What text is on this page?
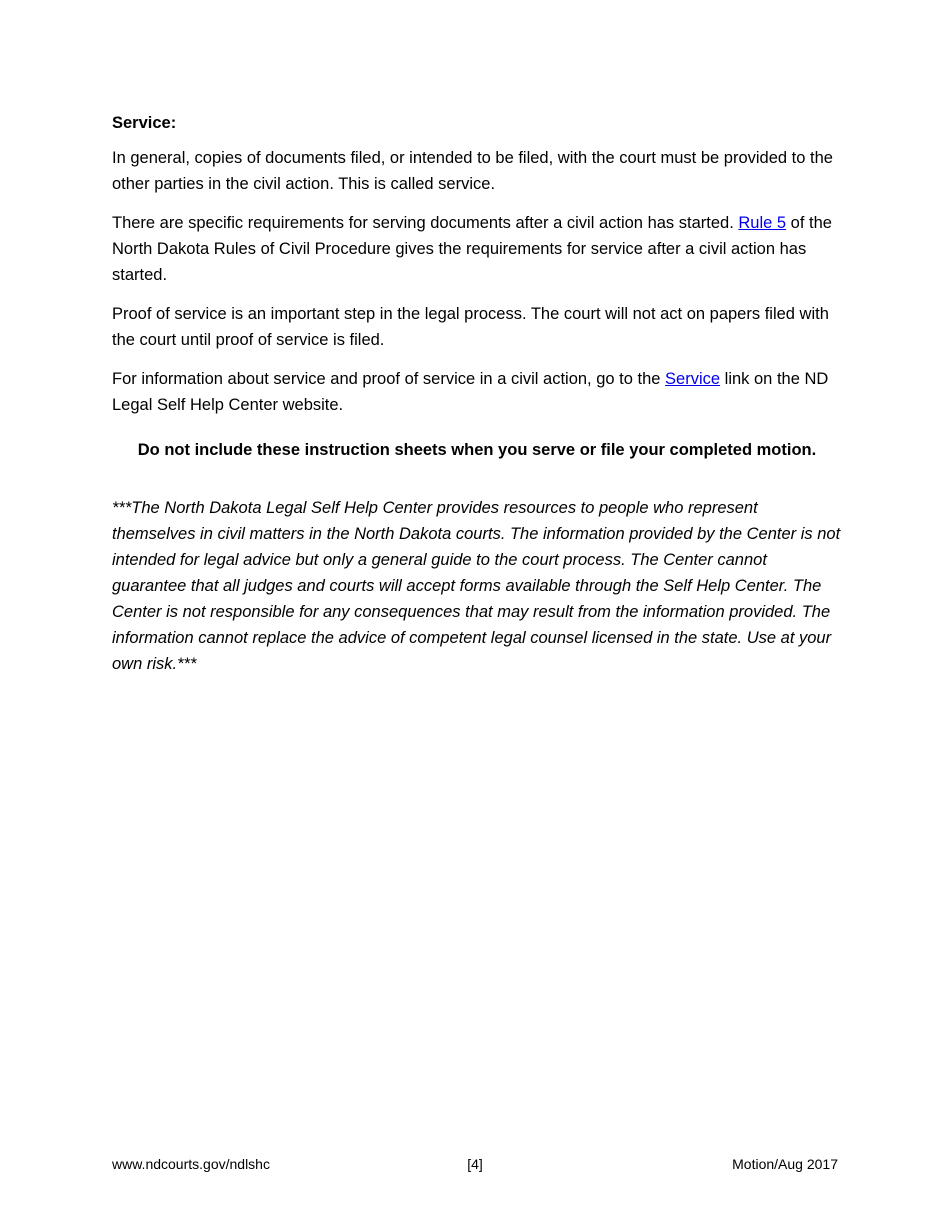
Service:

In general, copies of documents filed, or intended to be filed, with the court must be provided to the other parties in the civil action. This is called service.

There are specific requirements for serving documents after a civil action has started. Rule 5 of the North Dakota Rules of Civil Procedure gives the requirements for service after a civil action has started.

Proof of service is an important step in the legal process. The court will not act on papers filed with the court until proof of service is filed.

For information about service and proof of service in a civil action, go to the Service link on the ND Legal Self Help Center website.

Do not include these instruction sheets when you serve or file your completed motion.

***The North Dakota Legal Self Help Center provides resources to people who represent themselves in civil matters in the North Dakota courts. The information provided by the Center is not intended for legal advice but only a general guide to the court process. The Center cannot guarantee that all judges and courts will accept forms available through the Self Help Center. The Center is not responsible for any consequences that may result from the information provided. The information cannot replace the advice of competent legal counsel licensed in the state. Use at your own risk.***

[4]
www.ndcourts.gov/ndlshc	Motion/Aug 2017
